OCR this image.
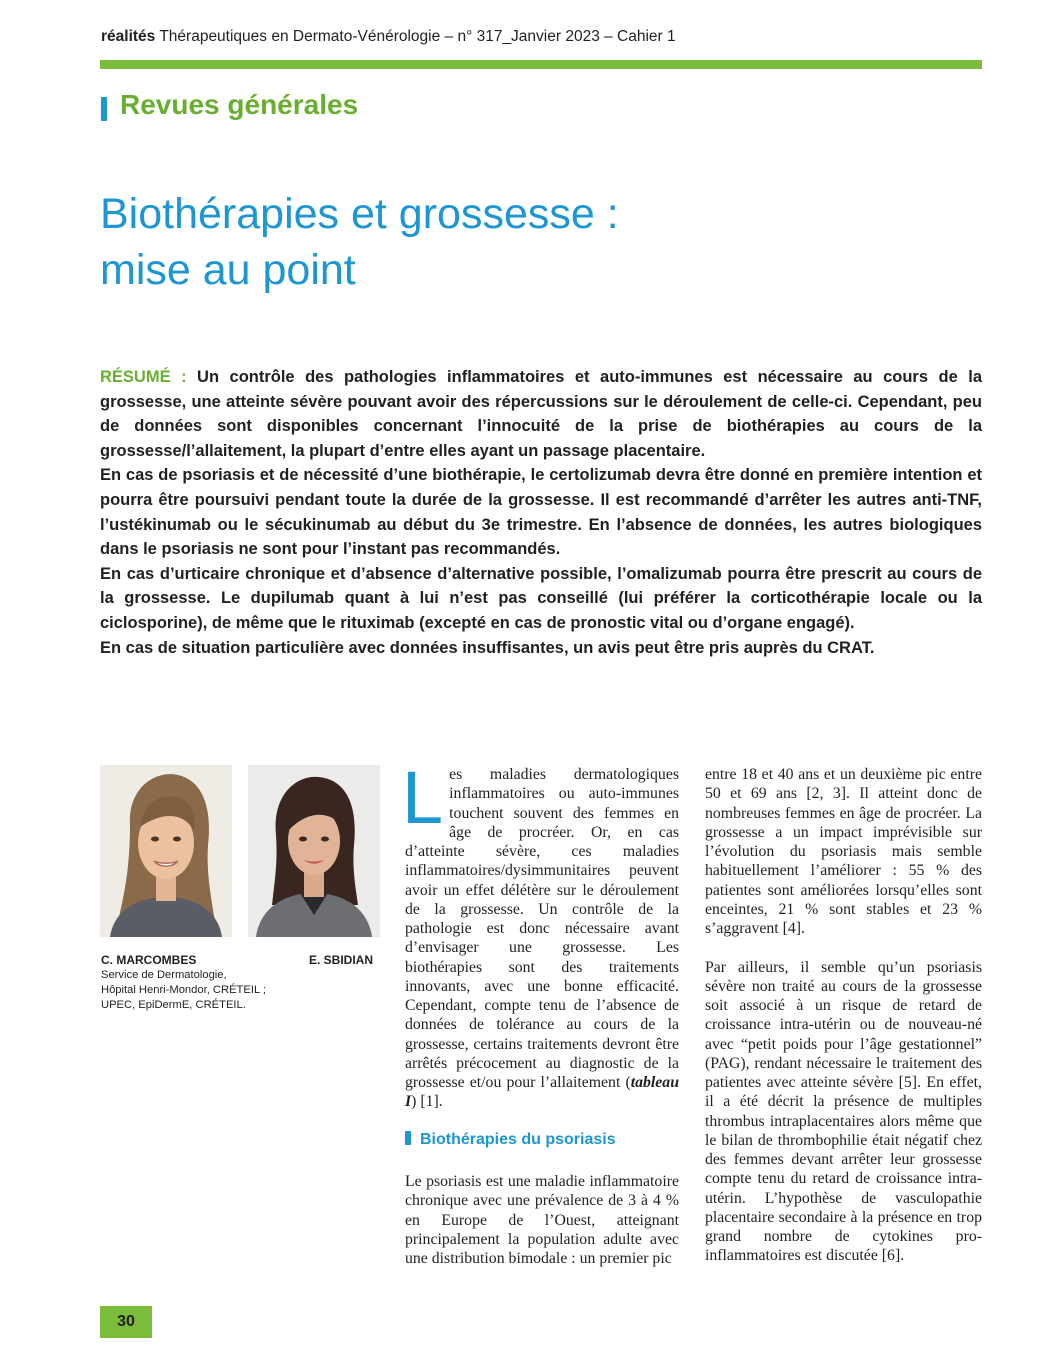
réalités Thérapeutiques en Dermato-Vénérologie – n° 317_Janvier 2023 – Cahier 1
Revues générales
Biothérapies et grossesse :
mise au point

RÉSUMÉ : Un contrôle des pathologies inflammatoires et auto-immunes est nécessaire au cours de la grossesse, une atteinte sévère pouvant avoir des répercussions sur le déroulement de celle-ci. Cependant, peu de données sont disponibles concernant l’innocuité de la prise de biothérapies au cours de la grossesse/l’allaitement, la plupart d’entre elles ayant un passage placentaire.

En cas de psoriasis et de nécessité d’une biothérapie, le certolizumab devra être donné en première intention et pourra être poursuivi pendant toute la durée de la grossesse. Il est recommandé d’arrêter les autres anti-TNF, l’ustékinumab ou le sécukinumab au début du 3e trimestre. En l’absence de données, les autres biologiques dans le psoriasis ne sont pour l’instant pas recommandés.

En cas d’urticaire chronique et d’absence d’alternative possible, l’omalizumab pourra être prescrit au cours de la grossesse. Le dupilumab quant à lui n’est pas conseillé (lui préférer la corticothérapie locale ou la ciclosporine), de même que le rituximab (excepté en cas de pronostic vital ou d’organe engagé).

En cas de situation particulière avec données insuffisantes, un avis peut être pris auprès du CRAT.

C. MARCOMBES	E. SBIDIAN
Service de Dermatologie,
Hôpital Henri-Mondor, CRÉTEIL ;
UPEC, EpiDermE, CRÉTEIL.

Les maladies dermatologiques inflammatoires ou auto-immunes touchent souvent des femmes en âge de procréer. Or, en cas d’atteinte sévère, ces maladies inflammatoires/dysimmunitaires peuvent avoir un effet délétère sur le déroulement de la grossesse. Un contrôle de la pathologie est donc nécessaire avant d’envisager une grossesse. Les biothérapies sont des traitements innovants, avec une bonne efficacité. Cependant, compte tenu de l’absence de données de tolérance au cours de la grossesse, certains traitements devront être arrêtés précocement au diagnostic de la grossesse et/ou pour l’allaitement (tableau I) [1].

Biothérapies du psoriasis

Le psoriasis est une maladie inflammatoire chronique avec une prévalence de 3 à 4 % en Europe de l’Ouest, atteignant principalement la population adulte avec une distribution bimodale : un premier pic

entre 18 et 40 ans et un deuxième pic entre 50 et 69 ans [2, 3]. Il atteint donc de nombreuses femmes en âge de procréer. La grossesse a un impact imprévisible sur l’évolution du psoriasis mais semble habituellement l’améliorer : 55 % des patientes sont améliorées lorsqu’elles sont enceintes, 21 % sont stables et 23 % s’aggravent [4].

Par ailleurs, il semble qu’un psoriasis sévère non traité au cours de la grossesse soit associé à un risque de retard de croissance intra-utérin ou de nouveau-né avec “petit poids pour l’âge gestationnel” (PAG), rendant nécessaire le traitement des patientes avec atteinte sévère [5]. En effet, il a été décrit la présence de multiples thrombus intraplacentaires alors même que le bilan de thrombophilie était négatif chez des femmes devant arrêter leur grossesse compte tenu du retard de croissance intra-utérin. L’hypothèse de vasculopathie placentaire secondaire à la présence en trop grand nombre de cytokines pro-inflammatoires est discutée [6].

30
